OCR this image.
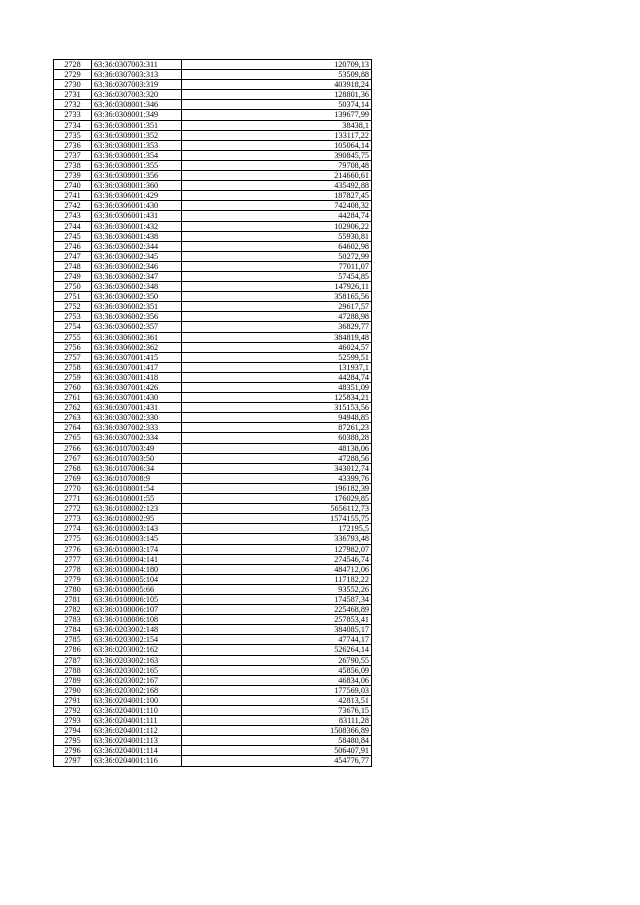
2728	63:36:0307003:311	120709,13
2729	63:36:0307003:313	53509,88
2730	63:36:0307003:319	403918,24
2731	63:36:0307003:320	128801,36
2732	63:36:0308001:346	50374,14
2733	63:36:0308001:349	139677,99
2734	63:36:0308001:351	38438,1
2735	63:36:0308001:352	133117,22
2736	63:36:0308001:353	105064,14
2737	63:36:0308001:354	390845,75
2738	63:36:0308001:355	79708,48
2739	63:36:0308001:356	214660,61
2740	63:36:0308001:360	435492,88
2741	63:36:0306001:429	187827,45
2742	63:36:0306001:430	742408,32
2743	63:36:0306001:431	44284,74
2744	63:36:0306001:432	102906,22
2745	63:36:0306001:438	55930,81
2746	63:36:0306002:344	64602,98
2747	63:36:0306002:345	50272,99
2748	63:36:0306002:346	77011,07
2749	63:36:0306002:347	57454,85
2750	63:36:0306002:348	147926,11
2751	63:36:0306002:350	358165,56
2752	63:36:0306002:351	29617,57
2753	63:36:0306002:356	47288,98
2754	63:36:0306002:357	36829,77
2755	63:36:0306002:361	384819,48
2756	63:36:0306002:362	46024,57
2757	63:36:0307001:415	52599,51
2758	63:36:0307001:417	131937,1
2759	63:36:0307001:418	44284,74
2760	63:36:0307001:426	48351,09
2761	63:36:0307001:430	125834,21
2762	63:36:0307001:431	315153,56
2763	63:36:0307002:330	94948,85
2764	63:36:0307002:333	87261,23
2765	63:36:0307002:334	60388,28
2766	63:36:0107003:49	48138,06
2767	63:36:0107003:50	47288,56
2768	63:36:0107006:34	343012,74
2769	63:36:0107008:9	43399,76
2770	63:36:0108001:54	196182,39
2771	63:36:0108001:55	176029,85
2772	63:36:0108002:123	5656112,73
2773	63:36:0108002:95	1574155,75
2774	63:36:0108003:143	172195,5
2775	63:36:0108003:145	336793,48
2776	63:36:0108003:174	127982,07
2777	63:36:0108004:141	274546,74
2778	63:36:0108004:180	484712,06
2779	63:36:0108005:104	117182,22
2780	63:36:0108005:66	93552,26
2781	63:36:0108006:105	174587,34
2782	63:36:0108006:107	225468,89
2783	63:36:0108006:108	257853,41
2784	63:36:0203002:148	384085,17
2785	63:36:0203002:154	47744,17
2786	63:36:0203002:162	526264,14
2787	63:36:0203002:163	26790,55
2788	63:36:0203002:165	45856,09
2789	63:36:0203002:167	46834,06
2790	63:36:0203002:168	177569,03
2791	63:36:0204001:100	42813,51
2792	63:36:0204001:110	73676,15
2793	63:36:0204001:111	83111,28
2794	63:36:0204001:112	1508366,89
2795	63:36:0204001:113	58480,84
2796	63:36:0204001:114	506407,91
2797	63:36:0204001:116	454776,77
